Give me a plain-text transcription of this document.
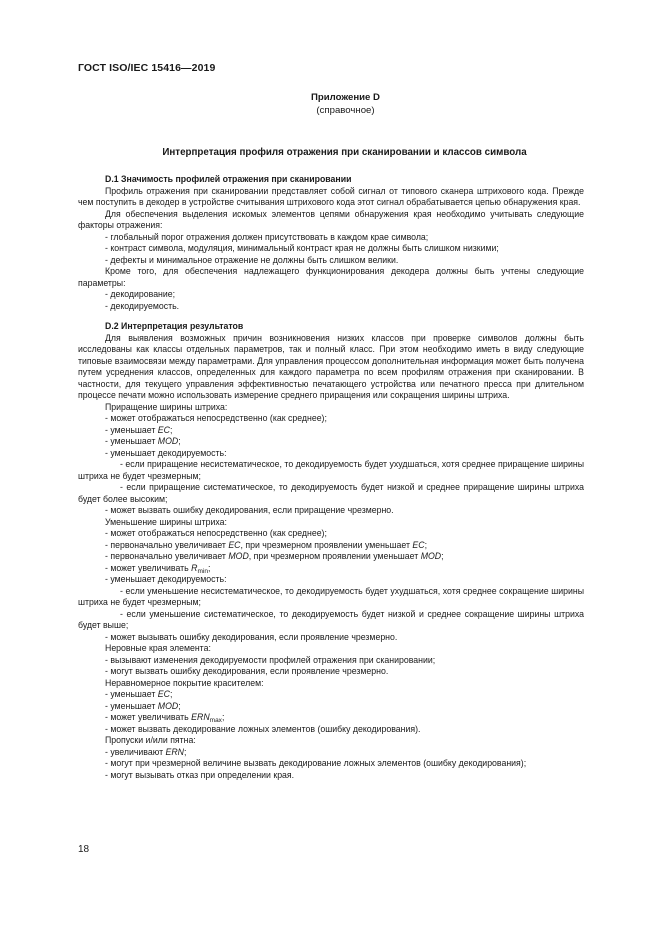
ГОСТ ISO/IEC 15416—2019
Приложение D
(справочное)
Интерпретация профиля отражения при сканировании и классов символа

D.1 Значимость профилей отражения при сканировании

Профиль отражения при сканировании представляет собой сигнал от типового сканера штрихового кода. Прежде чем поступить в декодер в устройстве считывания штрихового кода этот сигнал обрабатывается цепью обнаружения края.

Для обеспечения выделения искомых элементов цепями обнаружения края необходимо учитывать следующие факторы отражения:

- глобальный порог отражения должен присутствовать в каждом крае символа;

- контраст символа, модуляция, минимальный контраст края не должны быть слишком низкими;

- дефекты и минимальное отражение не должны быть слишком велики.

Кроме того, для обеспечения надлежащего функционирования декодера должны быть учтены следующие параметры:

- декодирование;

- декодируемость.

D.2 Интерпретация результатов

Для выявления возможных причин возникновения низких классов при проверке символов должны быть исследованы как классы отдельных параметров, так и полный класс. При этом необходимо иметь в виду следующие типовые взаимосвязи между параметрами. Для управления процессом дополнительная информация может быть получена путем усреднения классов, определенных для каждого параметра по всем профилям отражения при сканировании. В частности, для текущего управления эффективностью печатающего устройства или печатного пресса при длительном процессе печати можно использовать измерение среднего приращения или сокращения ширины штриха.

Приращение ширины штриха:

- может отображаться непосредственно (как среднее);

- уменьшает EC;

- уменьшает MOD;

- уменьшает декодируемость:

- если приращение несистематическое, то декодируемость будет ухудшаться, хотя среднее приращение ширины штриха не будет чрезмерным;

- если приращение систематическое, то декодируемость будет низкой и среднее приращение ширины штриха будет более высоким;

- может вызвать ошибку декодирования, если приращение чрезмерно.

Уменьшение ширины штриха:

- может отображаться непосредственно (как среднее);

- первоначально увеличивает EC, при чрезмерном проявлении уменьшает EC;

- первоначально увеличивает MOD, при чрезмерном проявлении уменьшает MOD;

- может увеличивать $R_{min}$;

- уменьшает декодируемость:

- если уменьшение несистематическое, то декодируемость будет ухудшаться, хотя среднее сокращение ширины штриха не будет чрезмерным;

- если уменьшение систематическое, то декодируемость будет низкой и среднее сокращение ширины штриха будет выше;

- может вызывать ошибку декодирования, если проявление чрезмерно.

Неровные края элемента:

- вызывают изменения декодируемости профилей отражения при сканировании;

- могут вызвать ошибку декодирования, если проявление чрезмерно.

Неравномерное покрытие красителем:

- уменьшает EC;

- уменьшает MOD;

- может увеличивать $ERN_{max}$;

- может вызвать декодирование ложных элементов (ошибку декодирования).

Пропуски и/или пятна:

- увеличивают ERN;

- могут при чрезмерной величине вызвать декодирование ложных элементов (ошибку декодирования);

- могут вызывать отказ при определении края.

18
